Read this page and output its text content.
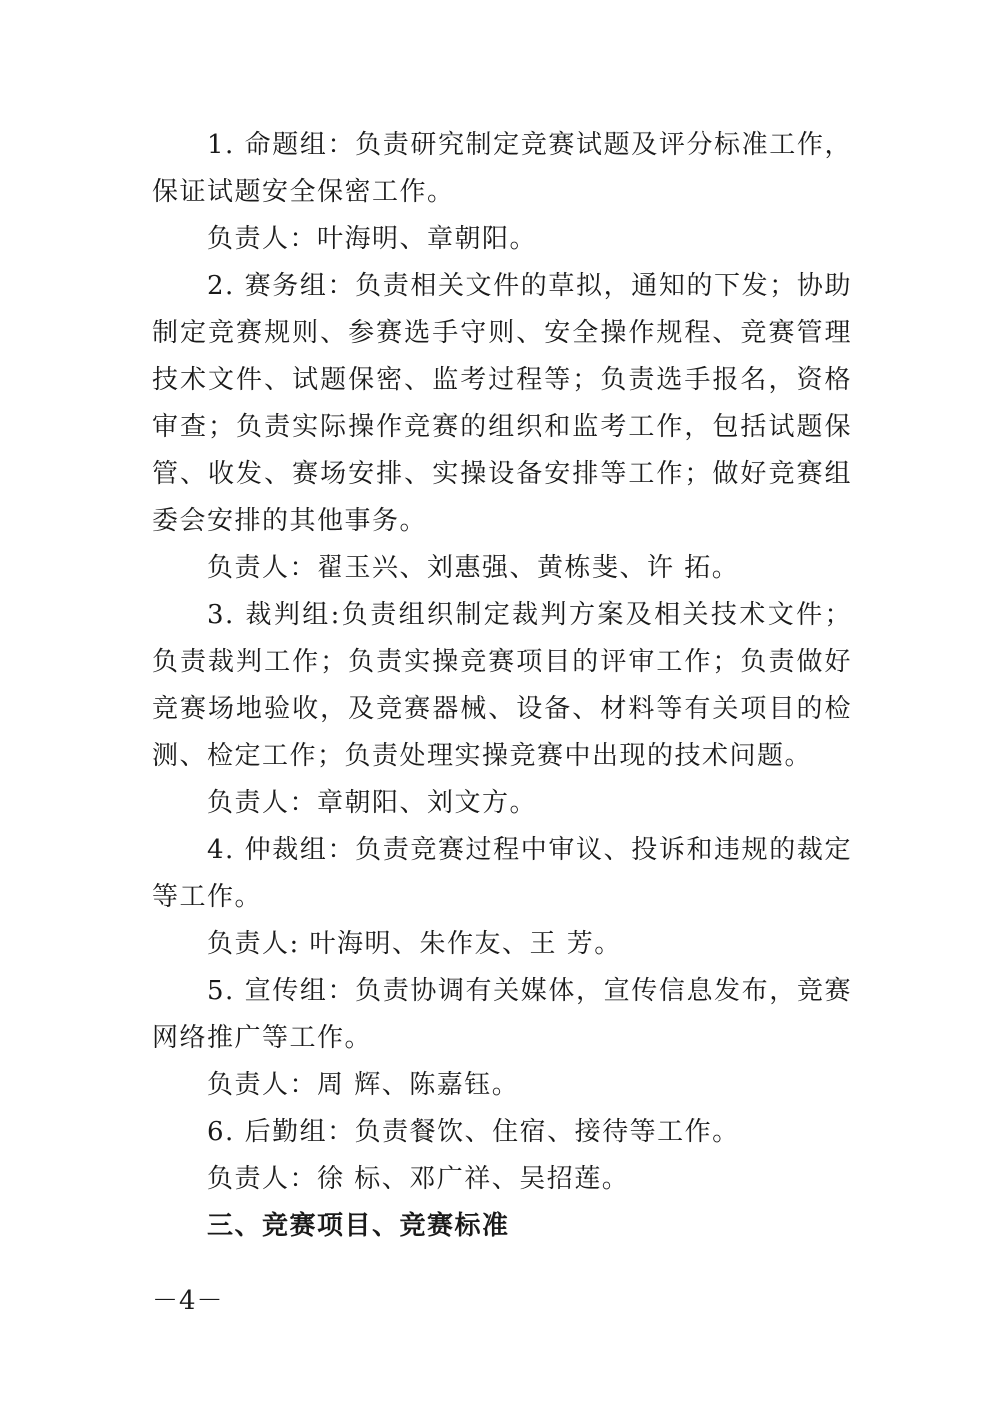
1. 命题组：负责研究制定竞赛试题及评分标准工作，保证试题安全保密工作。

负责人：叶海明、章朝阳。

2. 赛务组：负责相关文件的草拟，通知的下发；协助制定竞赛规则、参赛选手守则、安全操作规程、竞赛管理技术文件、试题保密、监考过程等；负责选手报名，资格审查；负责实际操作竞赛的组织和监考工作，包括试题保管、收发、赛场安排、实操设备安排等工作；做好竞赛组委会安排的其他事务。

负责人：翟玉兴、刘惠强、黄栋斐、许 拓。

3. 裁判组:负责组织制定裁判方案及相关技术文件；负责裁判工作；负责实操竞赛项目的评审工作；负责做好竞赛场地验收，及竞赛器械、设备、材料等有关项目的检测、检定工作；负责处理实操竞赛中出现的技术问题。

负责人：章朝阳、刘文方。

4. 仲裁组：负责竞赛过程中审议、投诉和违规的裁定等工作。

负责人: 叶海明、朱作友、王 芳。

5. 宣传组：负责协调有关媒体，宣传信息发布，竞赛网络推广等工作。

负责人：周 辉、陈嘉钰。

6. 后勤组：负责餐饮、住宿、接待等工作。

负责人：徐 标、邓广祥、吴招莲。

三、竞赛项目、竞赛标准

－4－
